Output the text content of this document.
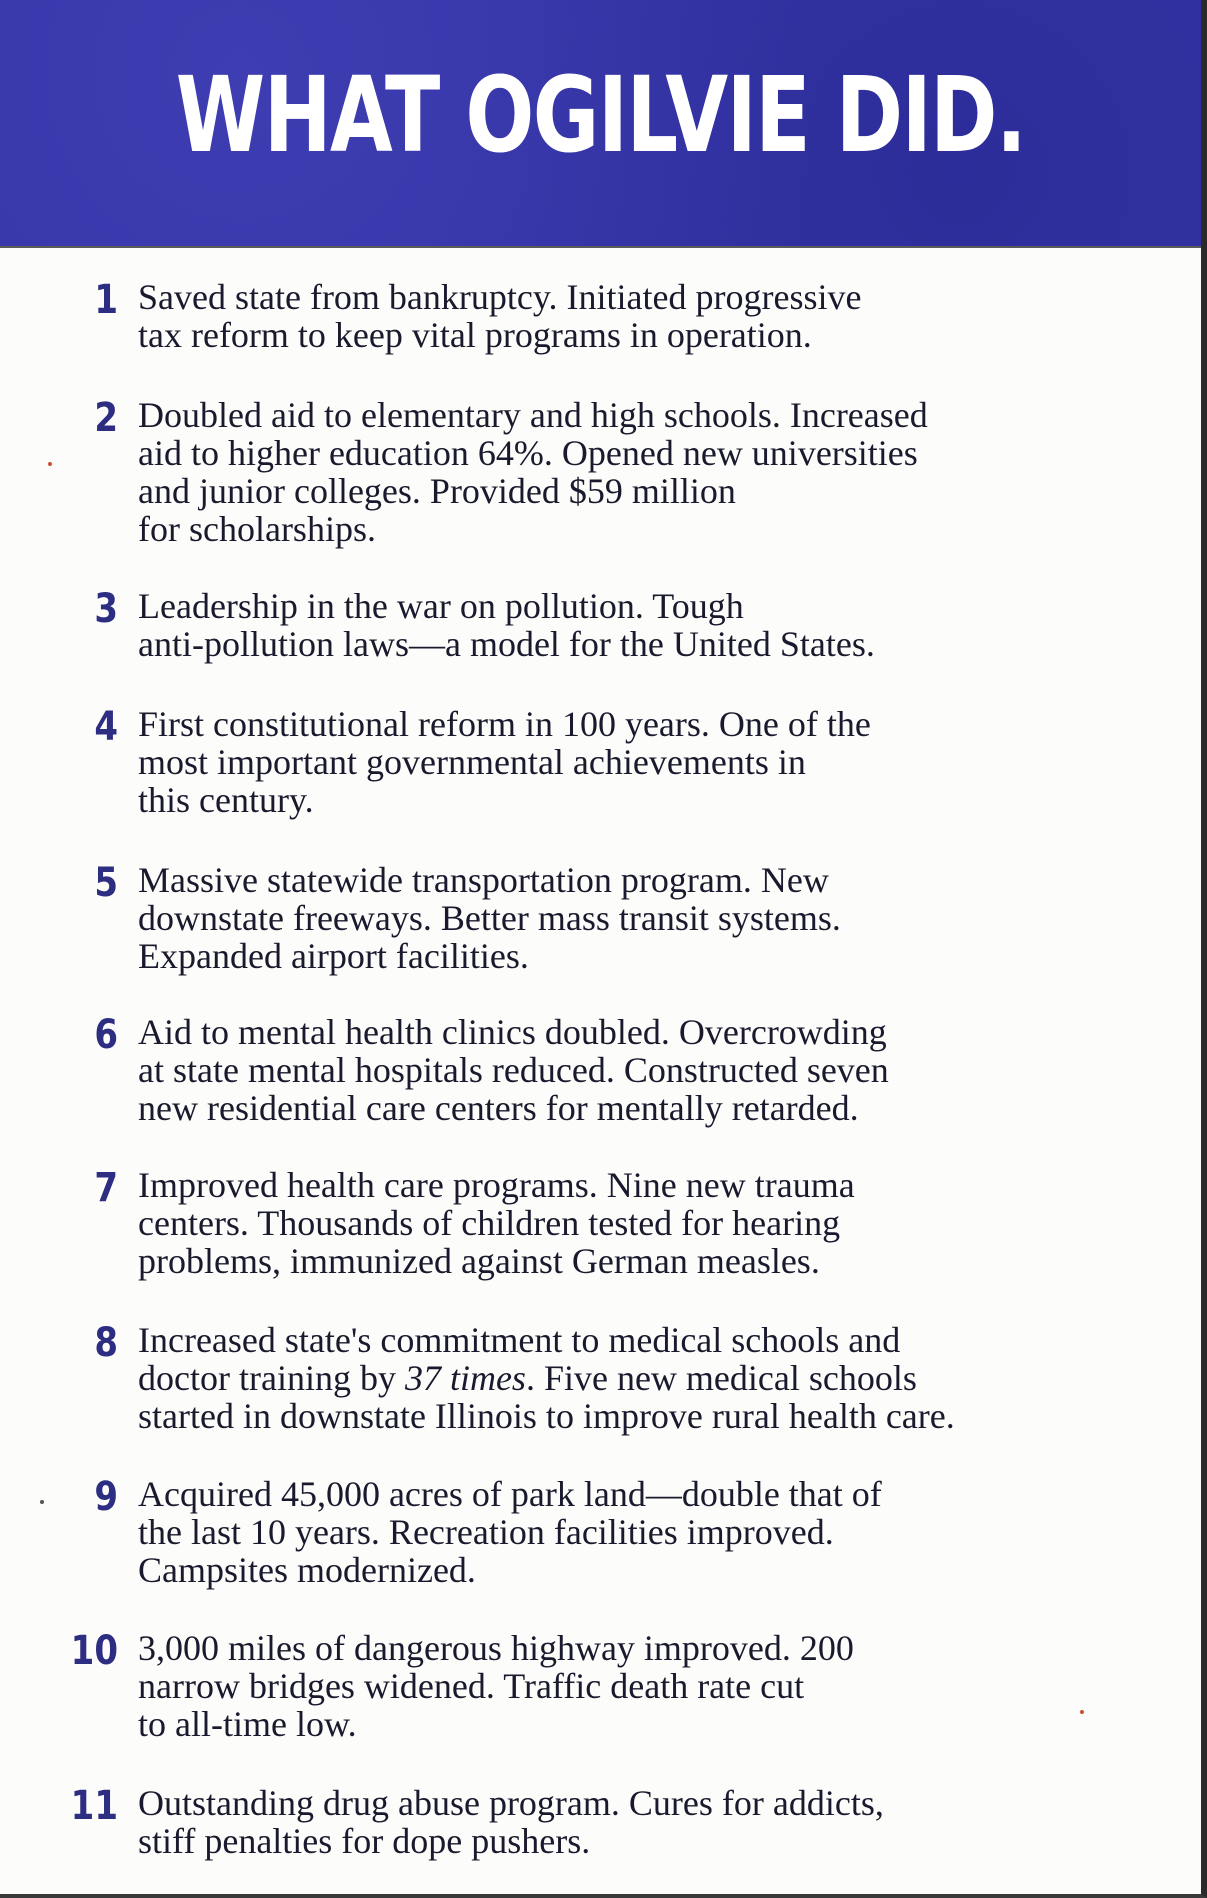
WHAT OGILVIE DID.
1 Saved state from bankruptcy. Initiated progressive
tax reform to keep vital programs in operation.
2 Doubled aid to elementary and high schools. Increased
aid to higher education 64%. Opened new universities
and junior colleges. Provided $59 million
for scholarships.
3 Leadership in the war on pollution. Tough
anti-pollution laws—a model for the United States.
4 First constitutional reform in 100 years. One of the
most important governmental achievements in
this century.
5 Massive statewide transportation program. New
downstate freeways. Better mass transit systems.
Expanded airport facilities.
6 Aid to mental health clinics doubled. Overcrowding
at state mental hospitals reduced. Constructed seven
new residential care centers for mentally retarded.
7 Improved health care programs. Nine new trauma
centers. Thousands of children tested for hearing
problems, immunized against German measles.
8 Increased state's commitment to medical schools and
doctor training by 37 times. Five new medical schools
started in downstate Illinois to improve rural health care.
9 Acquired 45,000 acres of park land—double that of
the last 10 years. Recreation facilities improved.
Campsites modernized.
10 3,000 miles of dangerous highway improved. 200
narrow bridges widened. Traffic death rate cut
to all-time low.
11 Outstanding drug abuse program. Cures for addicts,
stiff penalties for dope pushers.
